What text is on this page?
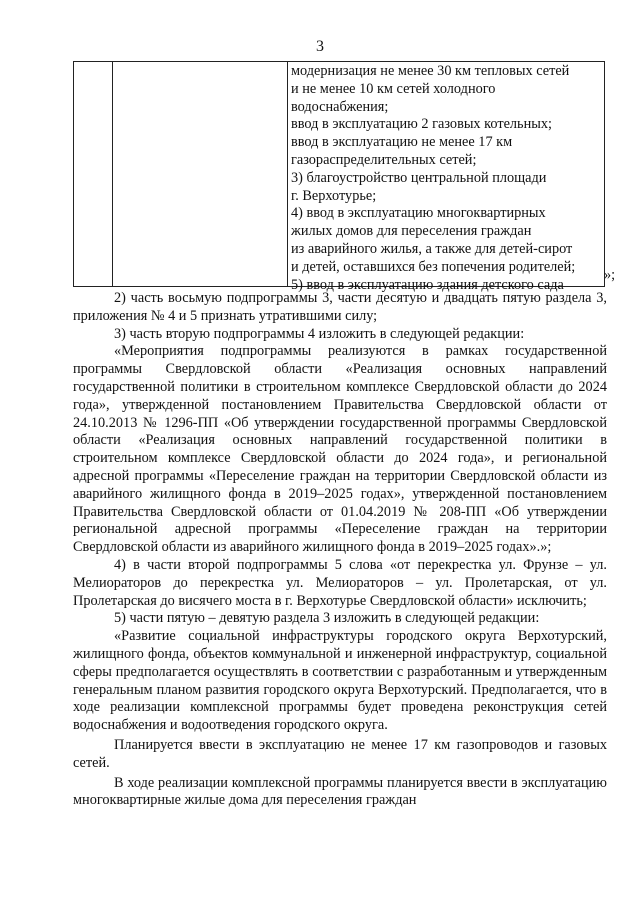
3
модернизация не менее 30 км тепловых сетей
и не менее 10 км сетей холодного
водоснабжения;
ввод в эксплуатацию 2 газовых котельных;
ввод в эксплуатацию не менее 17 км
газораспределительных сетей;
3) благоустройство центральной площади
г. Верхотурье;
4) ввод в эксплуатацию многоквартирных
жилых домов для переселения граждан
из аварийного жилья, а также для детей-сирот
и детей, оставшихся без попечения родителей;
5) ввод в эксплуатацию здания детского сада
»;

2) часть восьмую подпрограммы 3, части десятую и двадцать пятую раздела 3, приложения № 4 и 5 признать утратившими силу;

3) часть вторую подпрограммы 4 изложить в следующей редакции:

«Мероприятия подпрограммы реализуются в рамках государственной программы Свердловской области «Реализация основных направлений государственной политики в строительном комплексе Свердловской области до 2024 года», утвержденной постановлением Правительства Свердловской области от 24.10.2013 № 1296-ПП «Об утверждении государственной программы Свердловской области «Реализация основных направлений государственной политики в строительном комплексе Свердловской области до 2024 года», и региональной адресной программы «Переселение граждан на территории Свердловской области из аварийного жилищного фонда в 2019–2025 годах», утвержденной постановлением Правительства Свердловской области от 01.04.2019 № 208-ПП «Об утверждении региональной адресной программы «Переселение граждан на территории Свердловской области из аварийного жилищного фонда в 2019–2025 годах».»;

4) в части второй подпрограммы 5 слова «от перекрестка ул. Фрунзе – ул. Мелиораторов до перекрестка ул. Мелиораторов – ул. Пролетарская, от ул. Пролетарская до висячего моста в г. Верхотурье Свердловской области» исключить;

5) части пятую – девятую раздела 3 изложить в следующей редакции:

«Развитие социальной инфраструктуры городского округа Верхотурский, жилищного фонда, объектов коммунальной и инженерной инфраструктур, социальной сферы предполагается осуществлять в соответствии с разработанным и утвержденным генеральным планом развития городского округа Верхотурский. Предполагается, что в ходе реализации комплексной программы будет проведена реконструкция сетей водоснабжения и водоотведения городского округа.

Планируется ввести в эксплуатацию не менее 17 км газопроводов и газовых сетей.

В ходе реализации комплексной программы планируется ввести в эксплуатацию многоквартирные жилые дома для переселения граждан
